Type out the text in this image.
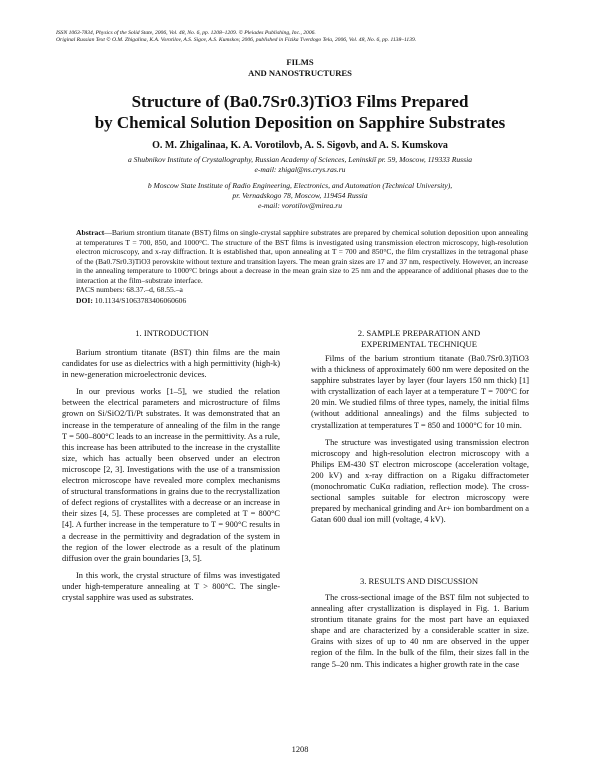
ISSN 1063-7834, Physics of the Solid State, 2006, Vol. 48, No. 6, pp. 1208–1209. © Pleiades Publishing, Inc., 2006.
Original Russian Text © O.M. Zhigalina, K.A. Vorotilov, A.S. Sigov, A.S. Kumskov, 2006, published in Fizika Tverdogo Tela, 2006, Vol. 48, No. 6, pp. 1138–1139.
FILMS
AND NANOSTRUCTURES
Structure of (Ba0.7Sr0.3)TiO3 Films Prepared
by Chemical Solution Deposition on Sapphire Substrates
O. M. Zhigalinaa, K. A. Vorotilovb, A. S. Sigovb, and A. S. Kumskova
a Shubnikov Institute of Crystallography, Russian Academy of Sciences, Leninskiĭ pr. 59, Moscow, 119333 Russia
e-mail: zhigal@ns.crys.ras.ru
b Moscow State Institute of Radio Engineering, Electronics, and Automation (Technical University),
pr. Vernadskogo 78, Moscow, 119454 Russia
e-mail: vorotilov@mirea.ru
Abstract—Barium strontium titanate (BST) films on single-crystal sapphire substrates are prepared by chemical solution deposition upon annealing at temperatures T = 700, 850, and 1000°C. The structure of the BST films is investigated using transmission electron microscopy, high-resolution electron microscopy, and x-ray diffraction. It is established that, upon annealing at T = 700 and 850°C, the film crystallizes in the tetragonal phase of the (Ba0.7Sr0.3)TiO3 perovskite without texture and transition layers. The mean grain sizes are 17 and 37 nm, respectively. However, an increase in the annealing temperature to 1000°C brings about a decrease in the mean grain size to 25 nm and the appearance of additional phases due to the interaction at the film–substrate interface.
PACS numbers: 68.37.–d, 68.55.–a
DOI: 10.1134/S1063783406060606
1. INTRODUCTION

Barium strontium titanate (BST) thin films are the main candidates for use as dielectrics with a high permittivity (high-k) in new-generation microelectronic devices.

In our previous works [1–5], we studied the relation between the electrical parameters and microstructure of films grown on Si/SiO2/Ti/Pt substrates. It was demonstrated that an increase in the temperature of annealing of the film in the range T = 500–800°C leads to an increase in the permittivity. As a rule, this increase has been attributed to the increase in the crystallite size, which has actually been observed under an electron microscope [2, 3]. Investigations with the use of a transmission electron microscope have revealed more complex mechanisms of structural transformations in grains due to the recrystallization of defect regions of crystallites with a decrease or an increase in their sizes [4, 5]. These processes are completed at T = 800°C [4]. A further increase in the temperature to T = 900°C results in a decrease in the permittivity and degradation of the system in the region of the lower electrode as a result of the platinum diffusion over the grain boundaries [3, 5].

In this work, the crystal structure of films was investigated under high-temperature annealing at T > 800°C. The single-crystal sapphire was used as substrates.

2. SAMPLE PREPARATION AND
EXPERIMENTAL TECHNIQUE

Films of the barium strontium titanate (Ba0.7Sr0.3)TiO3 with a thickness of approximately 600 nm were deposited on the sapphire substrates layer by layer (four layers 150 nm thick) [1] with crystallization of each layer at a temperature T = 700°C for 20 min. We studied films of three types, namely, the initial films (without additional annealings) and the films subjected to crystallization at temperatures T = 850 and 1000°C for 10 min.

The structure was investigated using transmission electron microscopy and high-resolution electron microscopy with a Philips EM-430 ST electron microscope (acceleration voltage, 200 kV) and x-ray diffraction on a Rigaku diffractometer (monochromatic CuKα radiation, reflection mode). The cross-sectional samples suitable for electron microscopy were prepared by mechanical grinding and Ar+ ion bombardment on a Gatan 600 dual ion mill (voltage, 4 kV).

3. RESULTS AND DISCUSSION

The cross-sectional image of the BST film not subjected to annealing after crystallization is displayed in Fig. 1. Barium strontium titanate grains for the most part have an equiaxed shape and are characterized by a considerable scatter in size. Grains with sizes of up to 40 nm are observed in the upper region of the film. In the bulk of the film, their sizes fall in the range 5–20 nm. This indicates a higher growth rate in the case

1208
